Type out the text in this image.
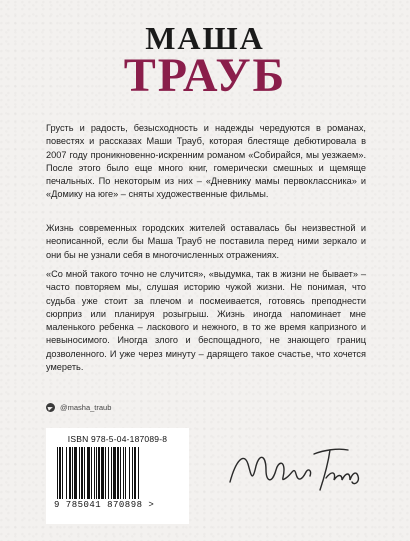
МАША
ТРАУБ
Грусть и радость, безысходность и надежды чередуются в романах, повестях и рассказах Маши Трауб, которая блестяще дебютировала в 2007 году проникновенно-искренним романом «Собирайся, мы уезжаем». После этого было еще много книг, гомерически смешных и щемяще печальных. По некоторым из них – «Дневнику мамы первоклассника» и «Домику на юге» – сняты художественные фильмы.
Жизнь современных городских жителей оставалась бы неизвестной и неописанной, если бы Маша Трауб не поставила перед ними зеркало и они бы не узнали себя в многочисленных отражениях.
«Со мной такого точно не случится», «выдумка, так в жизни не бывает» – часто повторяем мы, слушая историю чужой жизни. Не понимая, что судьба уже стоит за плечом и посмеивается, готовясь преподнести сюрприз или планируя розыгрыш. Жизнь иногда напоминает мне маленького ребенка – ласкового и нежного, в то же время капризного и невыносимого. Иногда злого и беспощадного, не знающего границ дозволенного. И уже через минуту – дарящего такое счастье, что хочется умереть.
@masha_traub
ISBN 978-5-04-187089-8
9 785041 870898 >
